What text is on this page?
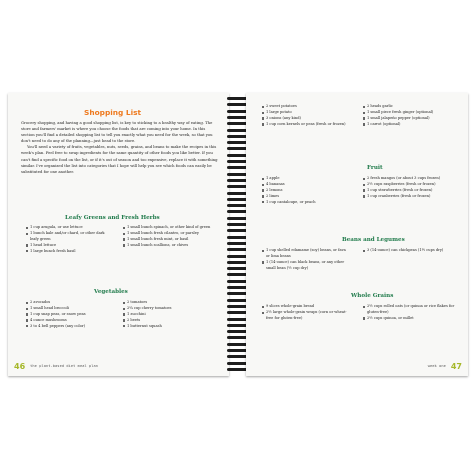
Shopping List

Grocery shopping, and having a good shopping list, is key to sticking to a healthy way of eating. The store and farmers' market is where you choose the foods that are coming into your home. In this section you'll find a detailed shopping list to tell you exactly what you need for the week, so that you don't need to do any of the planning—just head to the store.

You'll need a variety of fruits, vegetables, nuts, seeds, grains, and beans to make the recipes in this week's plan. Feel free to swap ingredients for the same quantity of other foods you like better. If you can't find a specific food on the list, or if it's out of season and too expensive, replace it with something similar. I've organized the list into categories that I hope will help you see which foods can easily be substituted for one another.

Leafy Greens and Fresh Herbs
1 cup arugula, or use lettuce
1 bunch kale and/or chard, or other dark leafy green
1 head lettuce
1 large bunch fresh basil
1 small bunch spinach, or other kind of green
1 small bunch fresh cilantro, or parsley
1 small bunch fresh mint, or basil
1 small bunch scallions, or chives
Vegetables
2 avocados
1 small head broccoli
1 cup snap peas, or snow peas
4 ounce mushrooms
3 to 4 bell peppers (any color)
2 tomatoes
2¼ cup cherry tomatoes
1 zucchini
2 beets
1 butternut squash
46 the plant-based diet meal plan
2 sweet potatoes
1 large potato
3 onions (any kind)
1 cup corn kernels or peas (fresh or frozen)
2 heads garlic
1 small piece fresh ginger (optional)
1 small jalapeño pepper (optional)
1 carrot (optional)
Fruit
1 apple
4 bananas
2 lemons
2 limes
1 cup cantaloupe, or peach
2 fresh mangos (or about 3 cups frozen)
2½ cups raspberries (fresh or frozen)
1 cup strawberries (fresh or frozen)
1 cup cranberries (fresh or frozen)
Beans and Legumes
1 cup shelled edamame (soy) beans, or fava or lima beans
1 (14-ounce) can black beans, or any other small bean (½ cup dry)
3 (14-ounce) can chickpeas (1½ cups dry)
Whole Grains
9 slices whole-grain bread
2½ large whole-grain wraps (corn or wheat-free for gluten-free)
2½ cups rolled oats (or quinoa or rice flakes for gluten-free)
2½ cups quinoa, or millet
week one 47
